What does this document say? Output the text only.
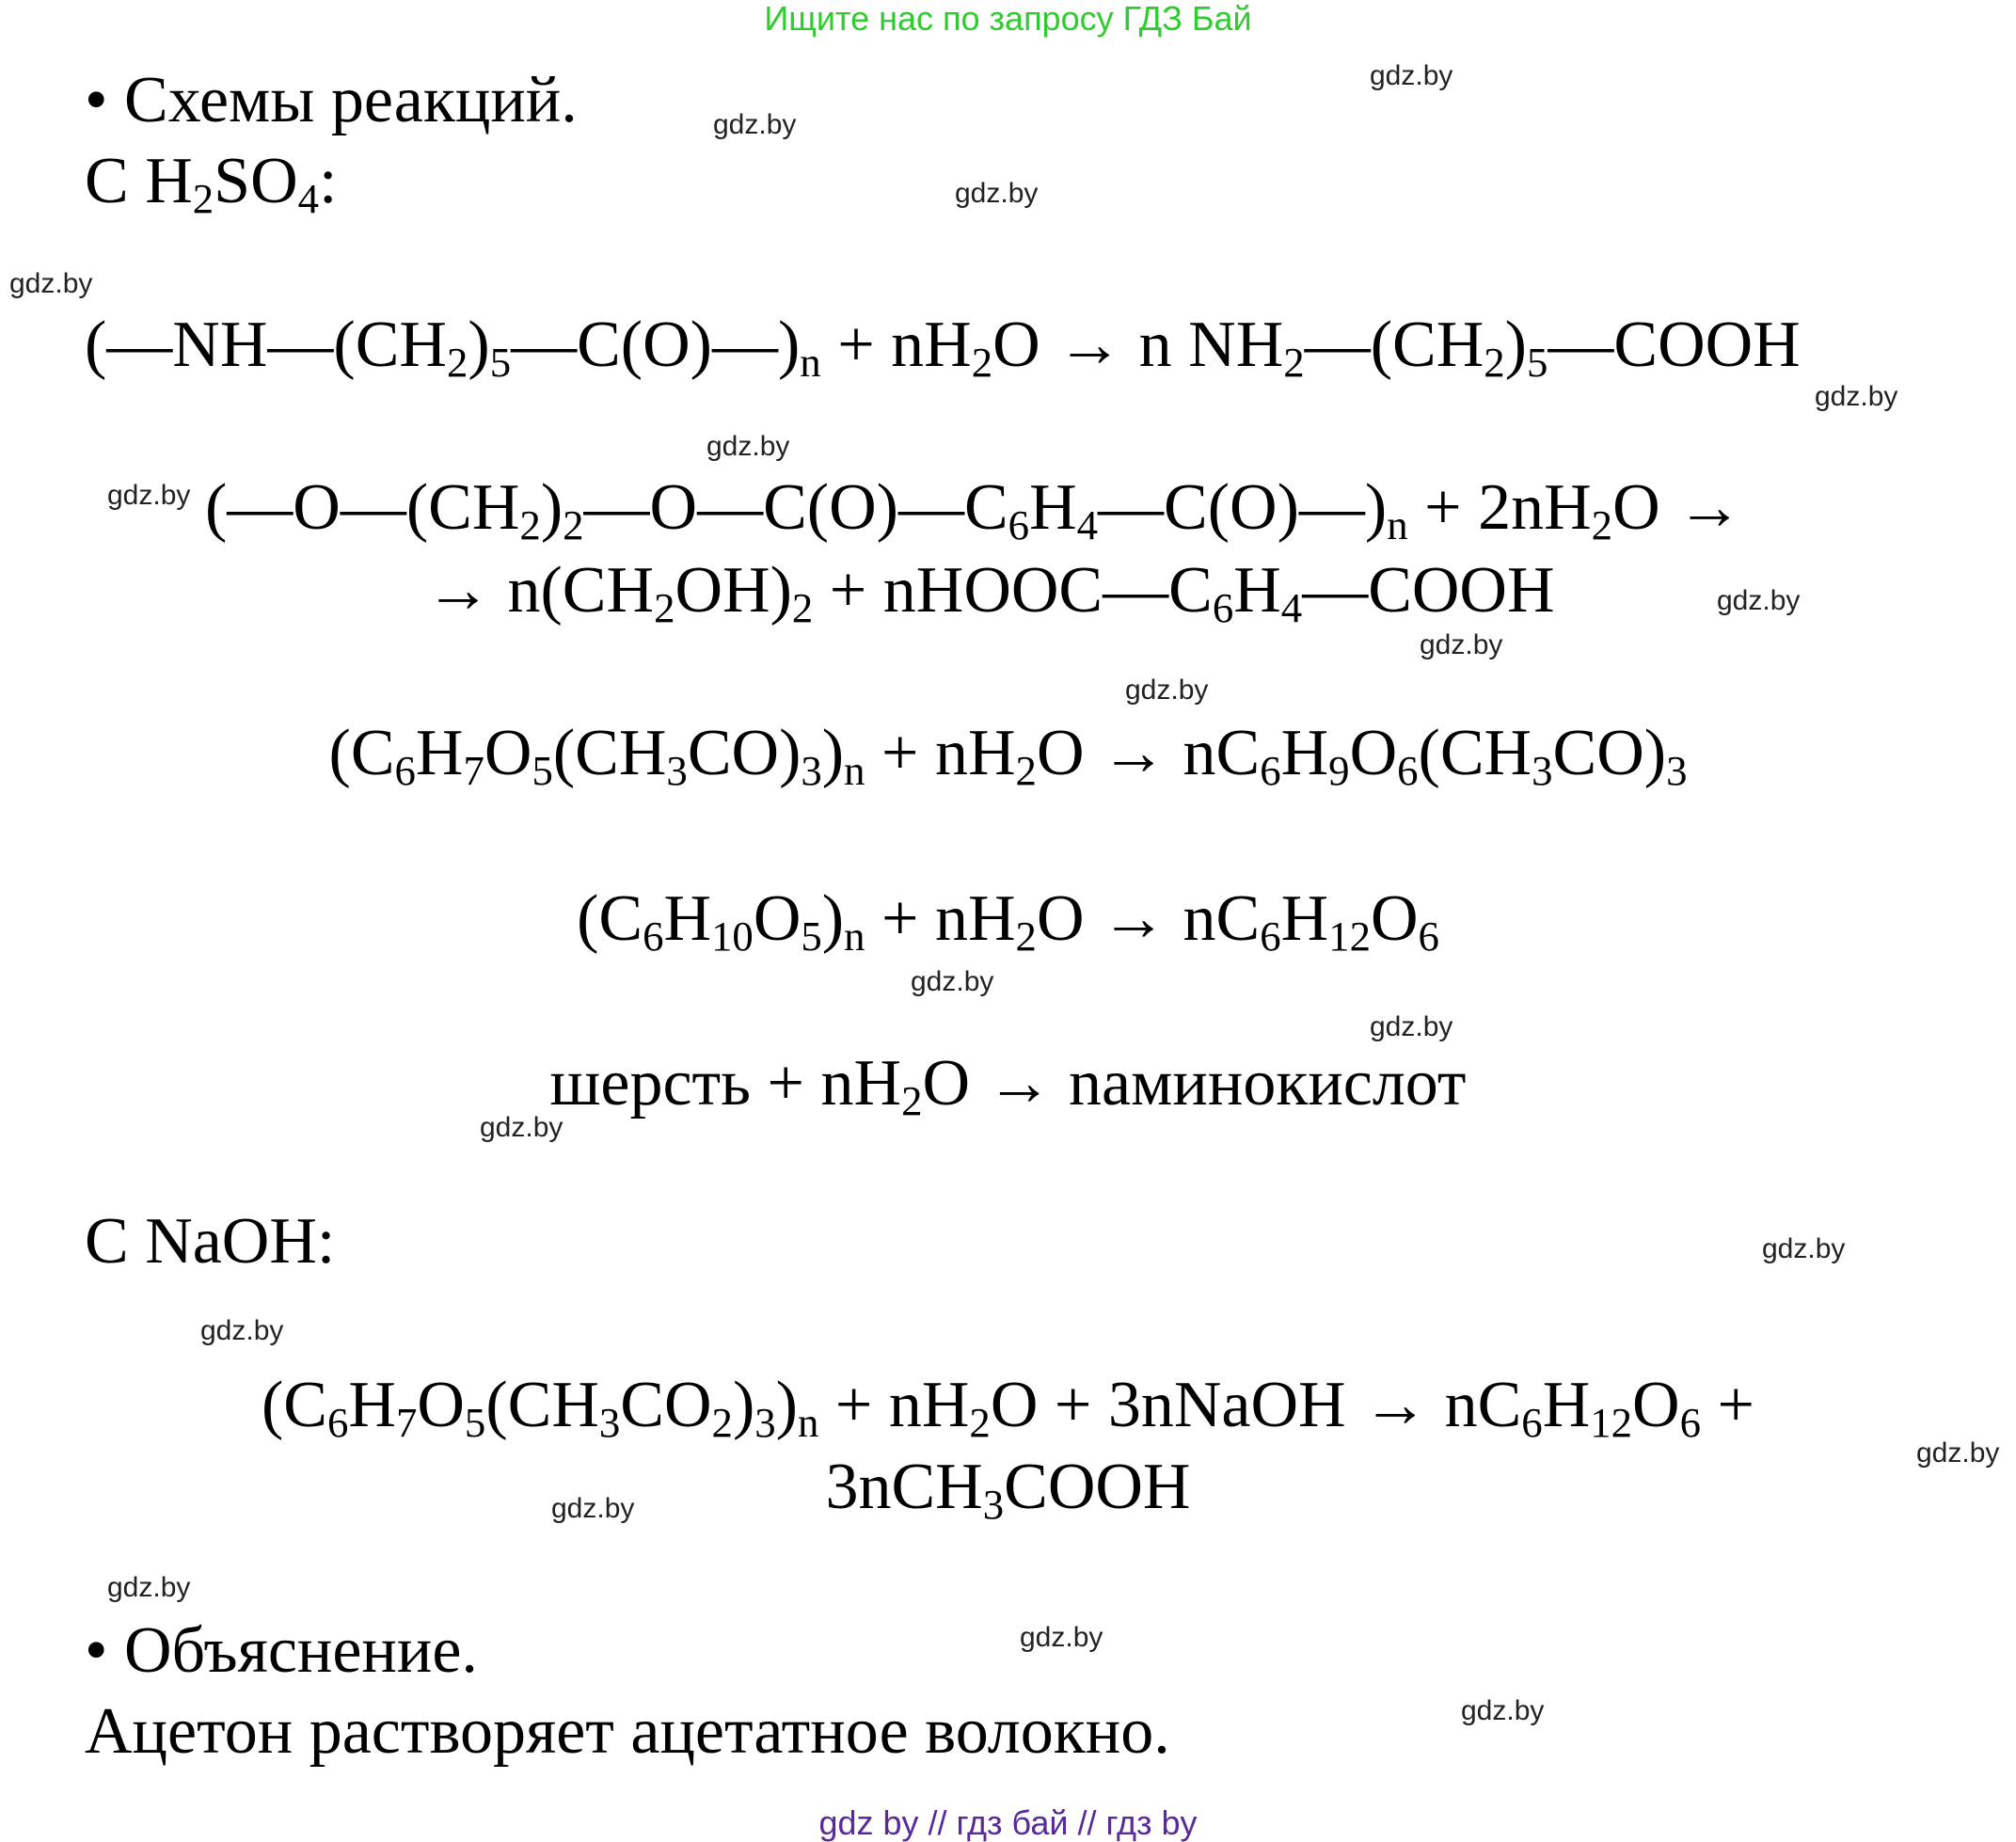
Ищите нас по запросу ГДЗ Бай
gdz.by
gdz.by
gdz.by
gdz.by
gdz.by
gdz.by
gdz.by
gdz.by
gdz.by
gdz.by
gdz.by
gdz.by
gdz.by
gdz.by
gdz.by
gdz.by
gdz.by
gdz.by
gdz.by
gdz.by
• Схемы реакций.
С $H_2SO_4$:
$(—NH—(CH_2)_5—C(O)—)_n + nH_2O \to n$ $NH_2—(CH_2)_5—COOH$
$(—O—(CH_2)_2—O—C(O)—C_6H_4—C(O)—)_n + 2nH_2O$ →
→ $n(CH_2OH)_2$ + $nHOOC—C_6H_4—COOH$
$(C_6H_7O_5(CH_3CO)_3)_n + nH_2O \to nC_6H_9O_6(CH_3CO)_3$
$(C_6H_{10}O_5)_n + nH_2O \to nC_6H_{12}O_6$
шерсть + $nH_2O$ → nаминокислот
С NaOH:
$(C_6H_7O_5(CH_3CO_2)_3)_n + nH_2O$ + 3nNaOH → $nC_6H_{12}O_6$ +
3nCH$_3$COOH
• Объяснение.
Ацетон растворяет ацетатное волокно.
gdz by // гдз бай // гдз by
